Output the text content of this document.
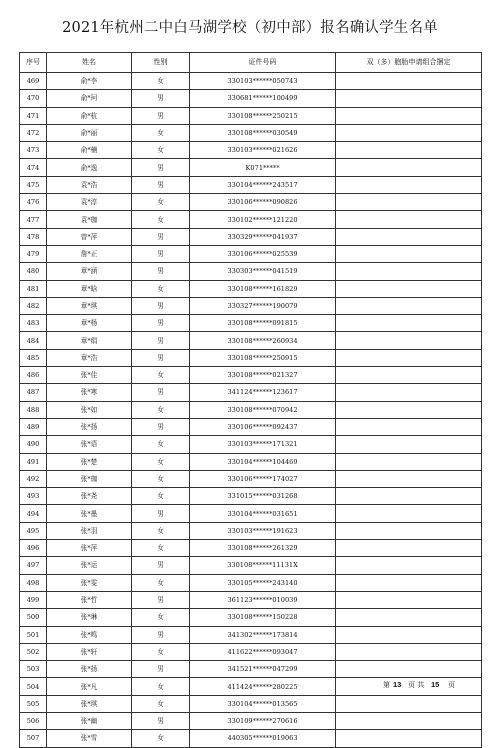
2021年杭州二中白马湖学校（初中部）报名确认学生名单
序号	姓名	性别	证件号码	双（多）胞胎申请组合捆定
469	俞*李	女	330103******050743	
470	俞*珂	男	330681******100499	
471	俞*杭	男	330108******250215	
472	俞*丽	女	330108******030549	
473	俞*楠	女	330103******021626	
474	俞*逸	男	K071*****	
475	袁*浩	男	330104******243517	
476	袁*淳	女	330106******090826	
477	袁*珈	女	330102******121220	
478	曾*萍	男	330329******041937	
479	詹*正	男	330106******025539	
480	章*涵	男	330303******041519	
481	章*晗	女	330108******161829	
482	章*琪	男	330327******190079	
483	章*杨	男	330108******091815	
484	章*绢	男	330108******260934	
485	章*浩	男	330108******250915	
486	张*佳	女	330108******021327	
487	张*寒	男	341124******123617	
488	张*如	女	330108******070942	
489	张*扬	男	330106******092437	
490	张*语	女	330103******171321	
491	张*楚	女	330104******104469	
492	张*珈	女	330106******174027	
493	张*尧	女	331015******031268	
494	张*墨	男	330104******031651	
495	张*羽	女	330103******191623	
496	张*萍	女	330108******261329	
497	张*运	男	330108******11131X	
498	张*雯	女	330105******243140	
499	张*哲	男	361123******010039	
500	张*琳	女	330108******150228	
501	张*鸣	男	341302******173814	
502	张*轩	女	411622******093047	
503	张*扬	男	341521******047299	
504	张*凡	女	411424******280225	
505	张*琪	女	330104******013565	
506	张*幽	男	330109******270616	
507	张*雪	女	440305******019063	
第 13 页 共 15 页
